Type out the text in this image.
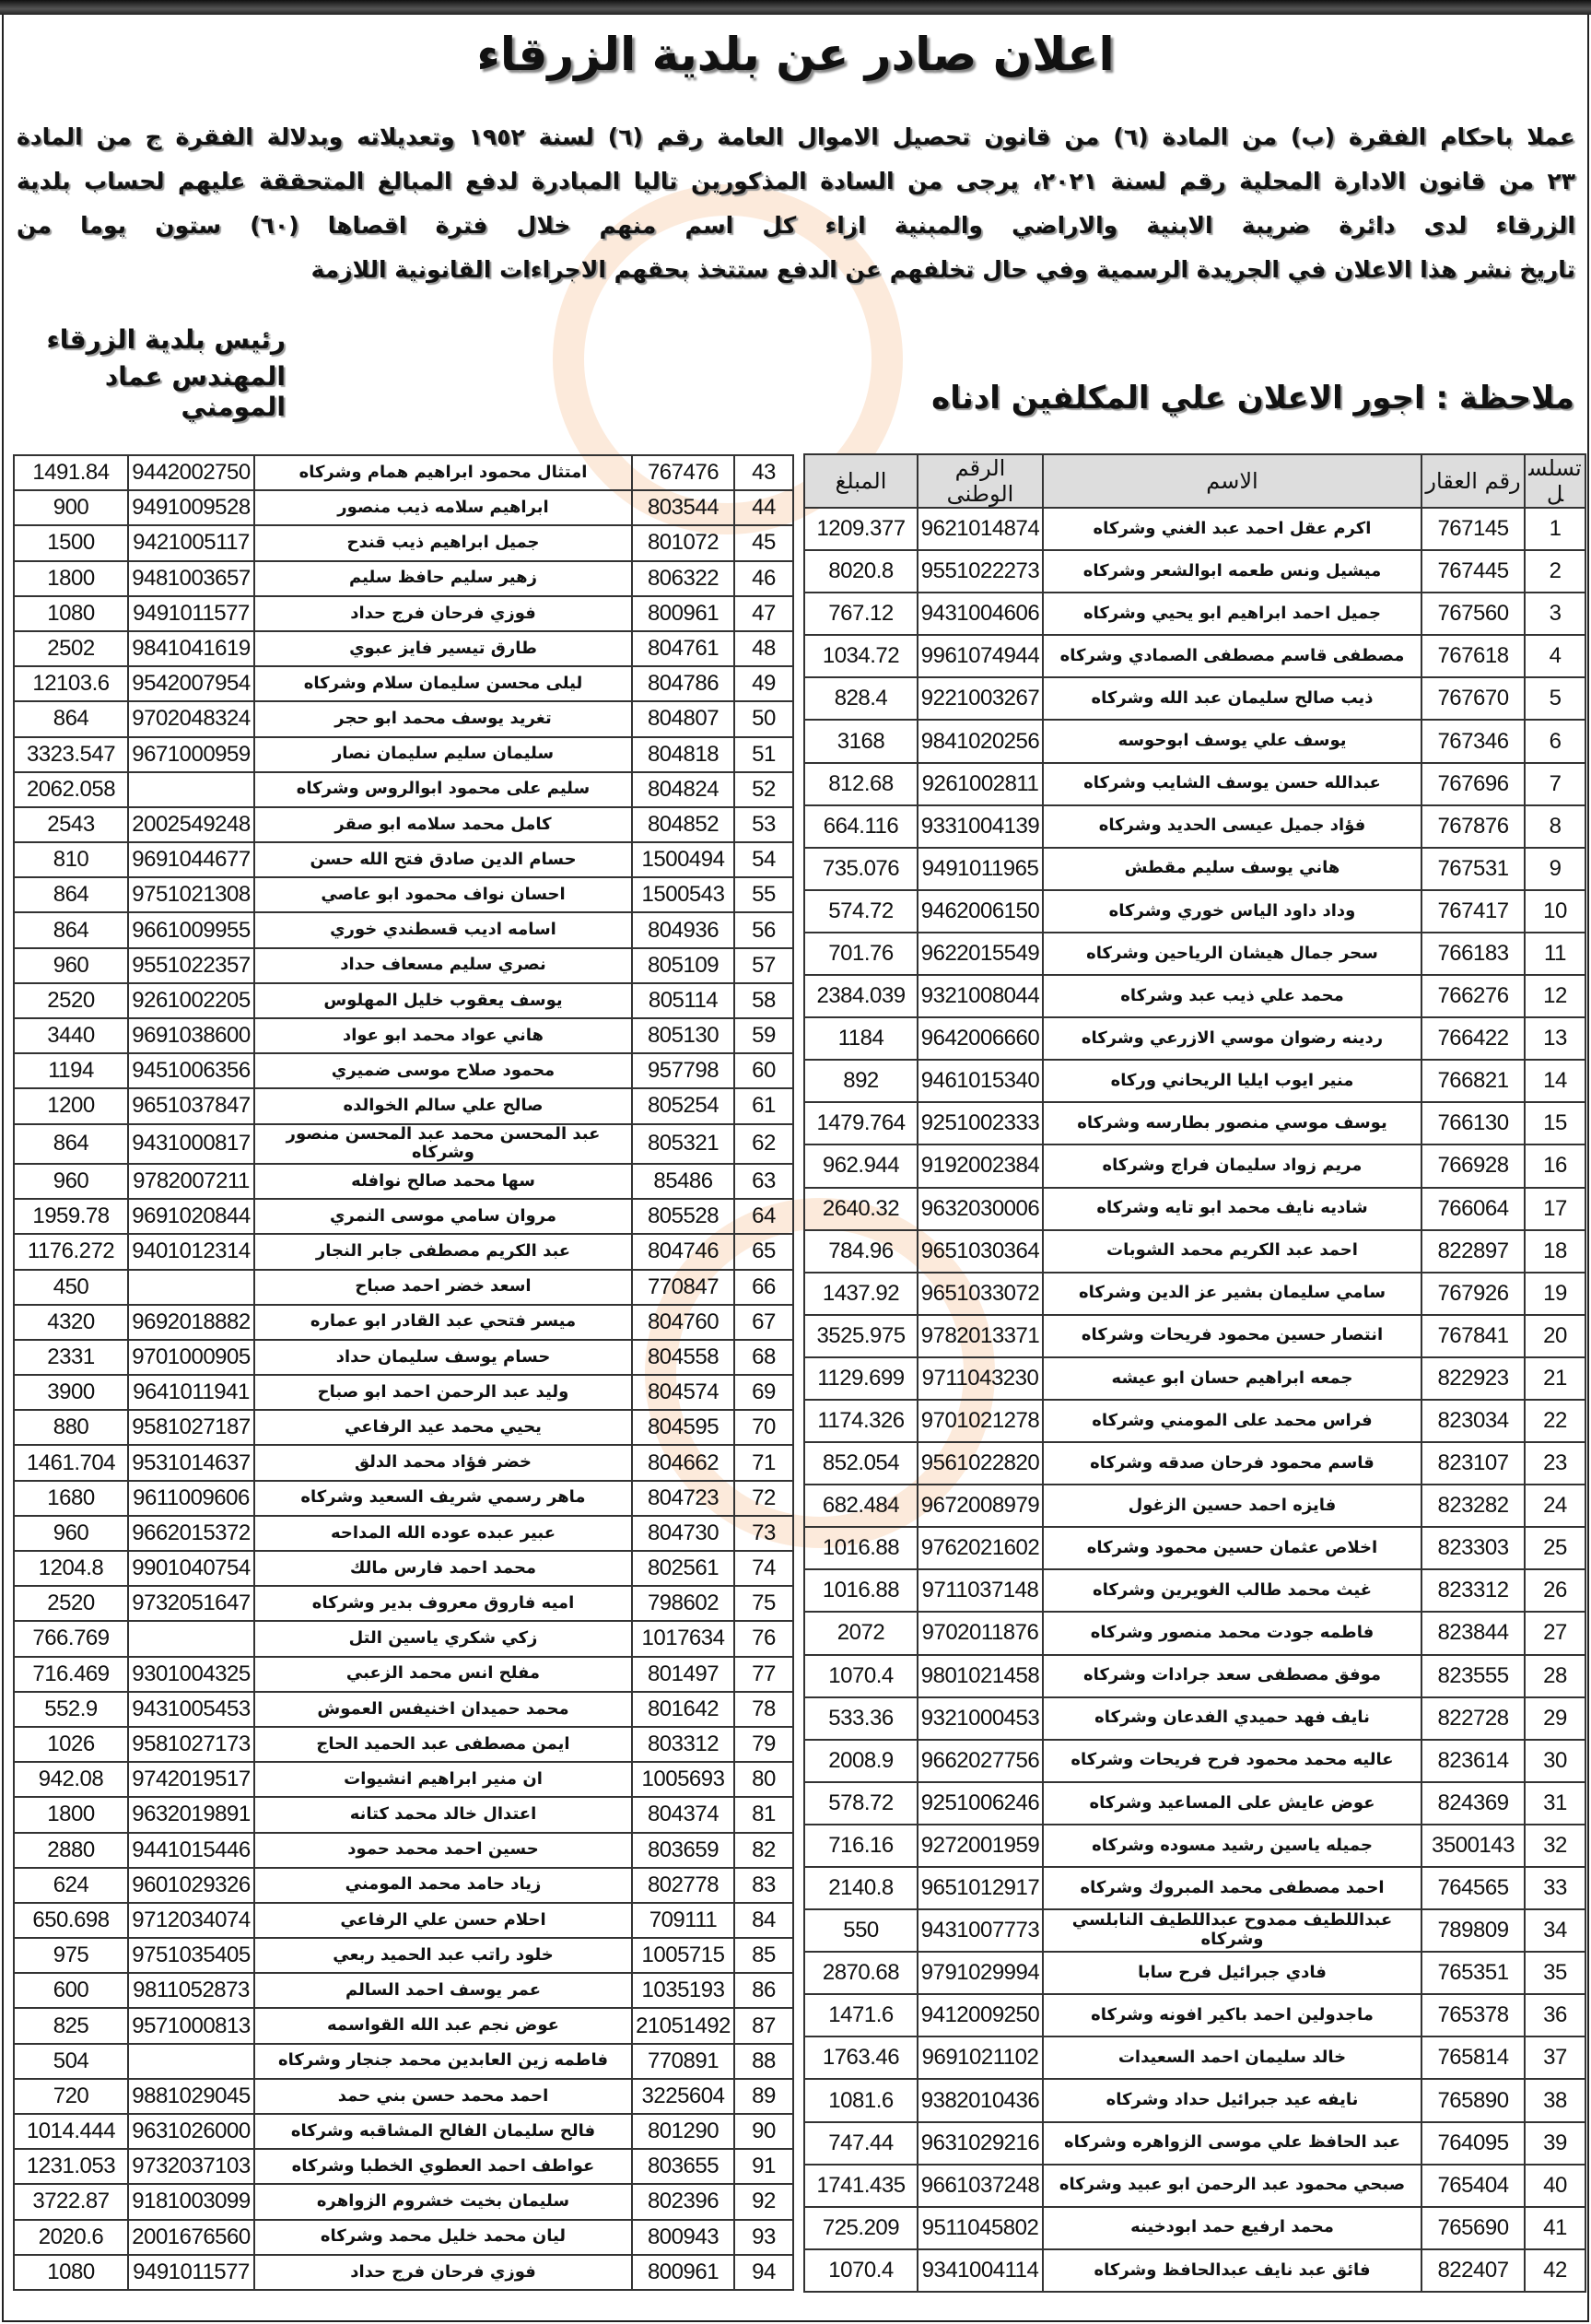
اعلان صادر عن بلدية الزرقاء
عملا باحكام الفقرة (ب) من المادة (٦) من قانون تحصيل الاموال العامة رقم (٦) لسنة ١٩٥٢ وتعديلاته وبدلالة الفقرة ج من المادة
٢٣ من قانون الادارة المحلية رقم لسنة ٢٠٢١، يرجى من السادة المذكورين تاليا المبادرة لدفع المبالغ المتحققة عليهم لحساب بلدية
الزرقاء لدى دائرة ضريبة الابنية والاراضي والمبنية ازاء كل اسم منهم خلال فترة اقصاها (٦٠) ستون يوما من
تاريخ نشر هذا الاعلان في الجريدة الرسمية وفي حال تخلفهم عن الدفع ستتخذ بحقهم الاجراءات القانونية اللازمة
رئيس بلدية الزرقاء
المهندس عماد المومني	ملاحظة : اجور الاعلان علي المكلفين ادناه
تسلسل	رقم العقار	الاسم	الرقم الوطنى	المبلغ
1	767145	اكرم عقل احمد عبد الغني وشركاه	9621014874	1209.377
2	767445	ميشيل ونس طعمه ابوالشعر وشركاه	9551022273	8020.8
3	767560	جميل احمد ابراهيم ابو يحيي وشركاه	9431004606	767.12
4	767618	مصطفى قاسم مصطفى الصمادي وشركاه	9961074944	1034.72
5	767670	ذيب صالح سليمان عبد الله وشركاه	9221003267	828.4
6	767346	يوسف علي يوسف ابوحوسه	9841020256	3168
7	767696	عبدالله حسن يوسف الشايب وشركاه	9261002811	812.68
8	767876	فؤاد جميل عيسى الحديد وشركاه	9331004139	664.116
9	767531	هاني يوسف سليم مقطش	9491011965	735.076
10	767417	وداد داود الياس خوري وشركاه	9462006150	574.72
11	766183	سحر جمال هيشان الرياحين وشركاه	9622015549	701.76
12	766276	محمد علي ذيب عبد وشركاه	9321008044	2384.039
13	766422	ردينه رضوان موسي الازرعي وشركاه	9642006660	1184
14	766821	منير ايوب ايليا الريحاني وركاه	9461015340	892
15	766130	يوسف موسي منصور بطارسه وشركاه	9251002333	1479.764
16	766928	مريم زواد سليمان فراج وشركاه	9192002384	962.944
17	766064	شاديه نايف محمد ابو تايه وشركاه	9632030006	2640.32
18	822897	احمد عبد الكريم محمد الشوبات	9651030364	784.96
19	767926	سامي سليمان بشير عز الدين وشركاه	9651033072	1437.92
20	767841	انتصار حسين محمود فريحات وشركاه	9782013371	3525.975
21	822923	جمعه ابراهيم حسان ابو عيشه	9711043230	1129.699
22	823034	فراس محمد على المومني وشركاه	9701021278	1174.326
23	823107	قاسم محمود فرحان صدقه وشركاه	9561022820	852.054
24	823282	فايزه احمد حسين الزغول	9672008979	682.484
25	823303	اخلاص عثمان حسين محمود وشركاه	9762021602	1016.88
26	823312	غيث محمد طالب الغويرين وشركاه	9711037148	1016.88
27	823844	فاطمه جودت محمد منصور وشركاه	9702011876	2072
28	823555	موفق مصطفى سعد جرادات وشركاه	9801021458	1070.4
29	822728	نايف فهد حميدي الفدعان وشركاه	9321000453	533.36
30	823614	عاليه محمد محمود فرح فريحات وشركاه	9662027756	2008.9
31	824369	عوض عايش على المساعيد وشركاه	9251006246	578.72
32	3500143	جميله ياسين رشيد مسوده وشركاه	9272001959	716.16
33	764565	احمد مصطفى محمد المبروك وشركاه	9651012917	2140.8
34	789809	عبداللطيف ممدوح عبداللطيف النابلسي وشركاه	9431007773	550
35	765351	فادي جبرائيل فرح سابا	9791029994	2870.68
36	765378	ماجدولين احمد باكير افونه وشركاه	9412009250	1471.6
37	765814	خالد سليمان احمد السعيدات	9691021102	1763.46
38	765890	نايفه عيد جبرائيل حداد وشركاه	9382010436	1081.6
39	764095	عبد الحافظ علي موسى الزواهره وشركاه	9631029216	747.44
40	765404	صبحي محمود عبد الرحمن ابو عبيد وشركاه	9661037248	1741.435
41	765690	محمد ارفيع حمد ابودخينه	9511045802	725.209
42	822407	فائق عبد نايف عبدالحافظ وشركاه	9341004114	1070.4
43	767476	امتثال محمود ابراهيم همام وشركاه	9442002750	1491.84
44	803544	ابراهيم سلامه ذيب منصور	9491009528	900
45	801072	جميل ابراهيم ذيب قندح	9421005117	1500
46	806322	زهير سليم حافظ سليم	9481003657	1800
47	800961	فوزي فرحان فرج حداد	9491011577	1080
48	804761	طارق تيسير فايز عبوي	9841041619	2502
49	804786	ليلى محسن سليمان سلام وشركاه	9542007954	12103.6
50	804807	تغريد يوسف محمد ابو حجر	9702048324	864
51	804818	سليمان سليم سليمان نصار	9671000959	3323.547
52	804824	سليم على محمود ابوالروس وشركاه		2062.058
53	804852	كامل محمد سلامه ابو صقر	2002549248	2543
54	1500494	حسام الدين صادق فتح الله حسن	9691044677	810
55	1500543	احسان نواف محمود ابو عاصي	9751021308	864
56	804936	اسامه اديب قسطندي خوري	9661009955	864
57	805109	نصري سليم مسعاف حداد	9551022357	960
58	805114	يوسف يعقوب خليل المهلوس	9261002205	2520
59	805130	هاني عواد محمد ابو عواد	9691038600	3440
60	957798	محمود صلاح موسى ضميري	9451006356	1194
61	805254	صالح علي سالم الخوالده	9651037847	1200
62	805321	عبد المحسن محمد عبد المحسن منصور وشركاه	9431000817	864
63	85486	سها محمد صالح نوافله	9782007211	960
64	805528	مروان سامي موسى النمري	9691020844	1959.78
65	804746	عبد الكريم مصطفى جابر النجار	9401012314	1176.272
66	770847	اسعد خضر احمد صباح		450
67	804760	ميسر فتحي عبد القادر ابو عماره	9692018882	4320
68	804558	حسام يوسف سليمان حداد	9701000905	2331
69	804574	وليد عبد الرحمن احمد ابو صباح	9641011941	3900
70	804595	يحيي محمد عيد الرفاعي	9581027187	880
71	804662	خضر فؤاد محمد الدلق	9531014637	1461.704
72	804723	ماهر رسمي شريف السعيد وشركاه	9611009606	1680
73	804730	عبير عبده عوده الله المداحه	9662015372	960
74	802561	محمد احمد فارس مالك	9901040754	1204.8
75	798602	اميه فاروق معروف بدير وشركاه	9732051647	2520
76	1017634	زكي شكري ياسين التل		766.769
77	801497	مفلح انس محمد الزعبي	9301004325	716.469
78	801642	محمد حميدان اخنيفس العموش	9431005453	552.9
79	803312	ايمن مصطفى عبد الحميد الحاج	9581027173	1026
80	1005693	ان منير ابراهيم انشيوات	9742019517	942.08
81	804374	اعتدال خالد محمد كتانه	9632019891	1800
82	803659	حسين احمد محمد حمود	9441015446	2880
83	802778	زياد حامد محمد المومني	9601029326	624
84	709111	احلام حسن علي الرفاعي	9712034074	650.698
85	1005715	خلود راتب عبد الحميد ربعي	9751035405	975
86	1035193	عمر يوسف احمد السالم	9811052873	600
87	21051492	عوض نجم عبد الله القواسمه	9571000813	825
88	770891	فاطمه زين العابدين محمد جنجار وشركاه		504
89	3225604	احمد محمد حسن بني حمد	9881029045	720
90	801290	فالح سليمان الفالح المشاقبه وشركاه	9631026000	1014.444
91	803655	عواطف احمد العطوي الخطبا وشركاه	9732037103	1231.053
92	802396	سليمان بخيت خشروم الزواهره	9181003099	3722.87
93	800943	ليان محمد خليل محمد وشركاه	2001676560	2020.6
94	800961	فوزي فرحان فرج حداد	9491011577	1080
